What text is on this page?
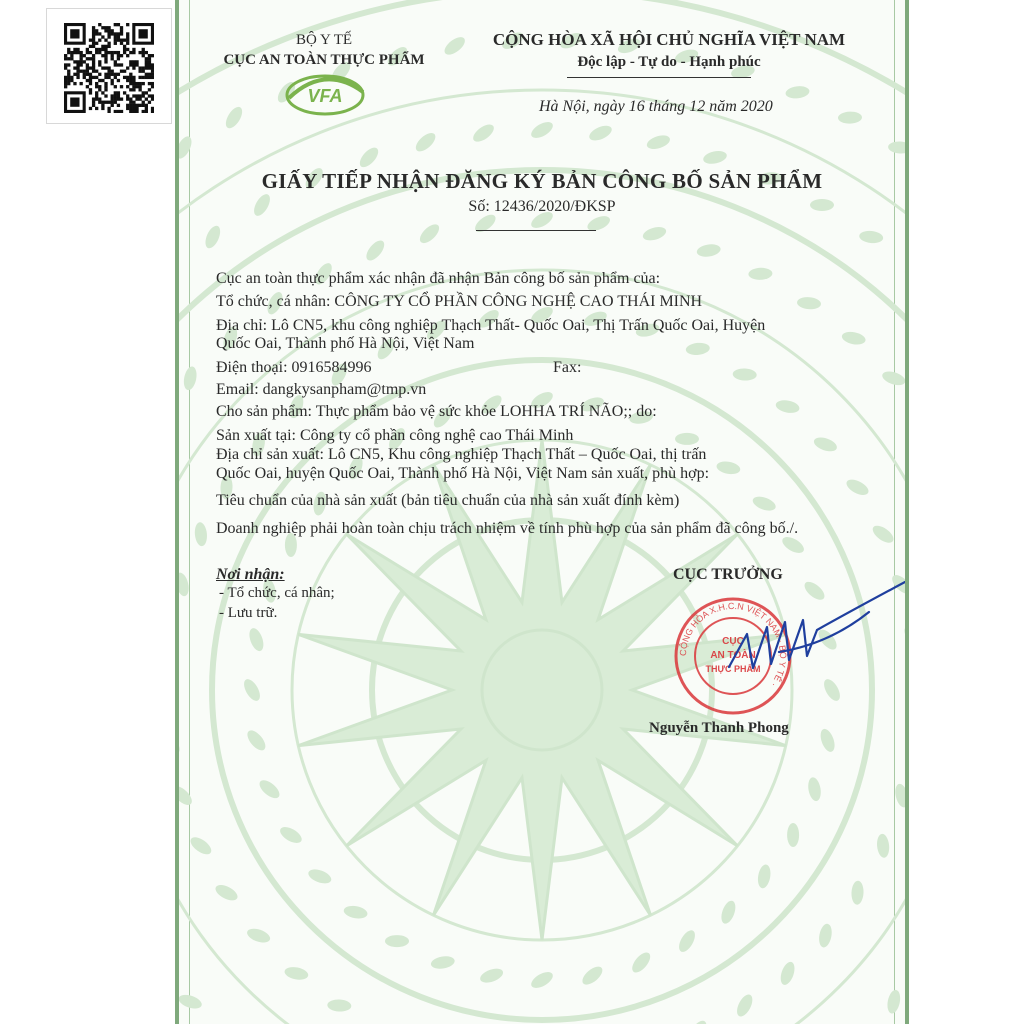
BỘ Y TẾ
CỤC AN TOÀN THỰC PHẨM
VFA
CỘNG HÒA XÃ HỘI CHỦ NGHĨA VIỆT NAM
Độc lập - Tự do - Hạnh phúc
Hà Nội, ngày 16 tháng 12 năm 2020
GIẤY TIẾP NHẬN ĐĂNG KÝ BẢN CÔNG BỐ SẢN PHẨM
Số: 12436/2020/ĐKSP
Cục an toàn thực phẩm xác nhận đã nhận Bản công bố sản phẩm của:
Tổ chức, cá nhân: CÔNG TY CỔ PHẦN CÔNG NGHỆ CAO THÁI MINH
Địa chỉ: Lô CN5, khu công nghiệp Thạch Thất- Quốc Oai, Thị Trấn Quốc Oai, Huyện
Quốc Oai, Thành phố Hà Nội, Việt Nam
Điện thoại: 0916584996	Fax:
Email: dangkysanpham@tmp.vn
Cho sản phẩm: Thực phẩm bảo vệ sức khỏe LOHHA TRÍ NÃO;; do:
Sản xuất tại: Công ty cổ phần công nghệ cao Thái Minh
Địa chỉ sản xuất: Lô CN5, Khu công nghiệp Thạch Thất – Quốc Oai, thị trấn
Quốc Oai, huyện Quốc Oai, Thành phố Hà Nội, Việt Nam sản xuất, phù hợp:
Tiêu chuẩn của nhà sản xuất (bản tiêu chuẩn của nhà sản xuất đính kèm)
Doanh nghiệp phải hoàn toàn chịu trách nhiệm về tính phù hợp của sản phẩm đã công bố./.
Nơi nhận:
- Tổ chức, cá nhân;
- Lưu trữ.
CỤC TRƯỞNG
CỘNG HÒA X.H.C.N VIỆT NAM · BỘ Y TẾ ·
CỤC
AN TOÀN
THỰC PHẨM
Nguyễn Thanh Phong
